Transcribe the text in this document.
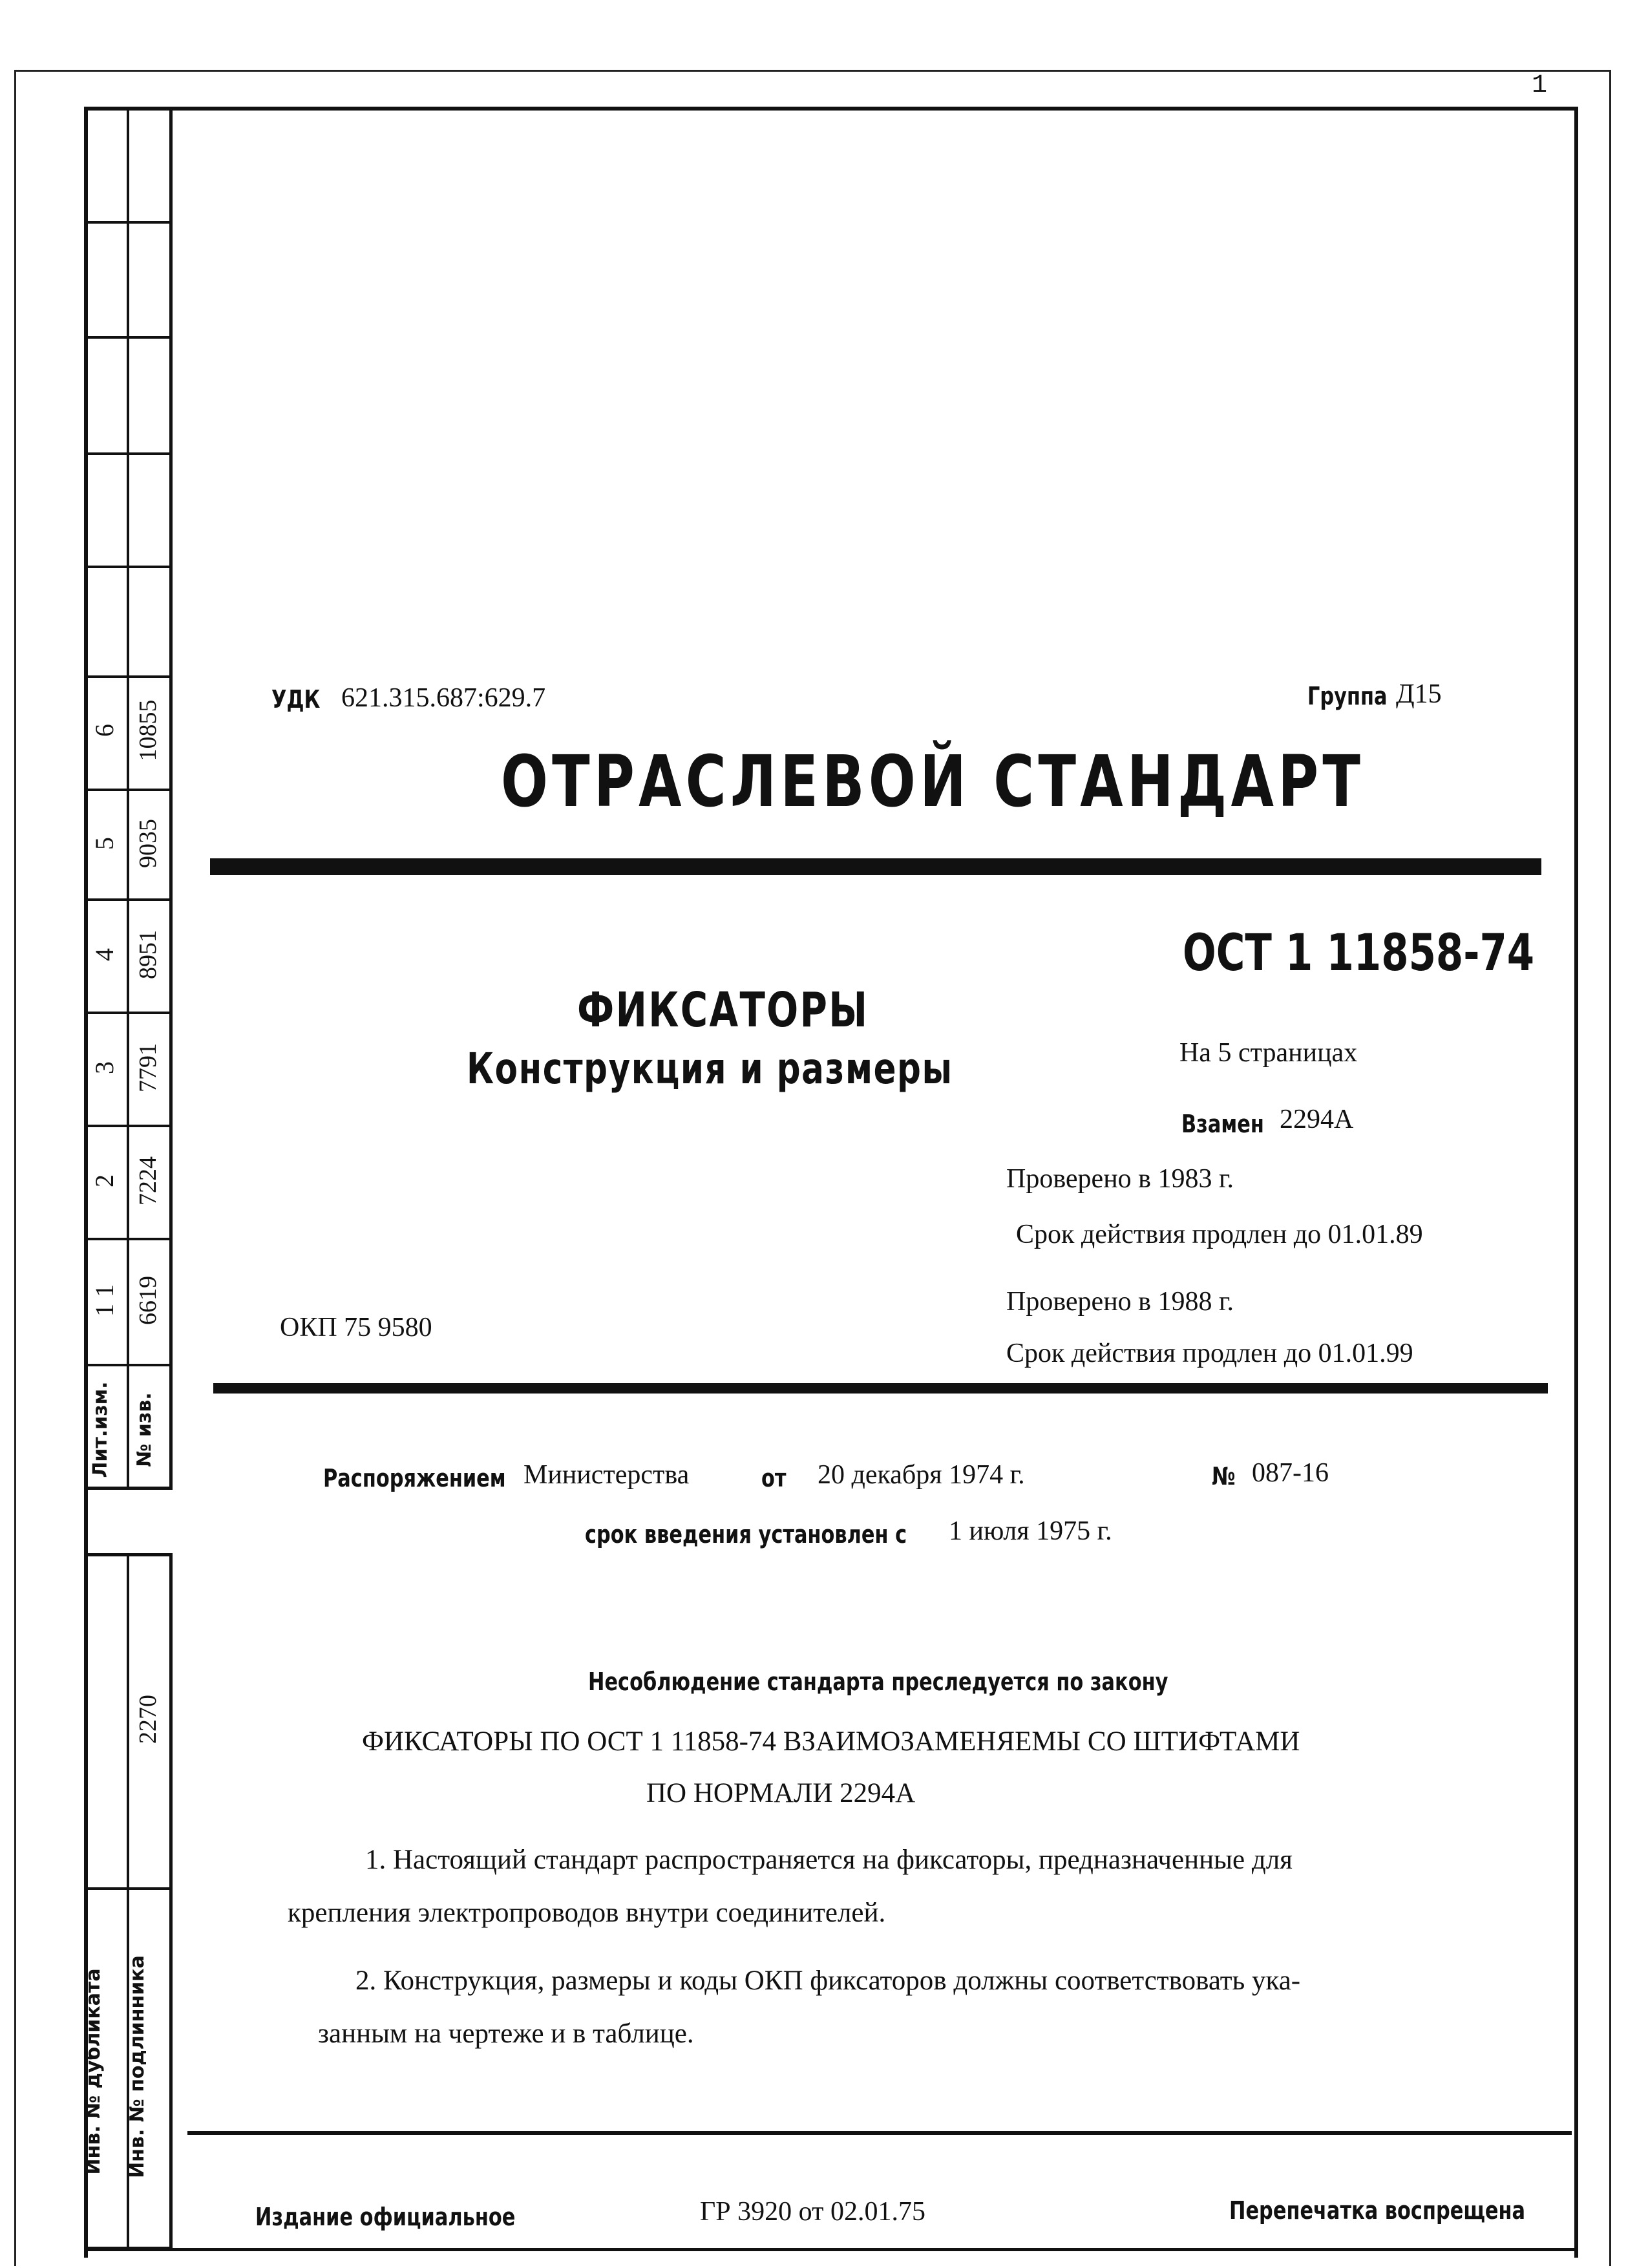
1
6 10855
5 9035
4 8951
3 7791
2 7224
1 1 6619
Лит.изм.	№ изв.
2270
Инв. № дубликата	Инв. № подлинника
УДК 621.315.687:629.7	Группа Д15
ОТРАСЛЕВОЙ СТАНДАРТ
ОСТ 1 11858-74
ФИКСАТОРЫ
Конструкция и размеры	На 5 страницах
Взамен 2294А
Проверено в 1983 г.
Срок действия продлен до 01.01.89
Проверено в 1988 г.
Срок действия продлен до 01.01.99
ОКП 75 9580
Распоряжением Министерства	от 20 декабря 1974 г.	№ 087-16
срок введения установлен с 1 июля 1975 г.
Несоблюдение стандарта преследуется по закону
ФИКСАТОРЫ ПО ОСТ 1 11858-74 ВЗАИМОЗАМЕНЯЕМЫ СО ШТИФТАМИ
ПО НОРМАЛИ 2294А
1. Настоящий стандарт распространяется на фиксаторы, предназначенные для
крепления электропроводов внутри соединителей.
2. Конструкция, размеры и коды ОКП фиксаторов должны соответствовать ука-
занным на чертеже и в таблице.
Издание официальное	ГР 3920 от 02.01.75	Перепечатка воспрещена
